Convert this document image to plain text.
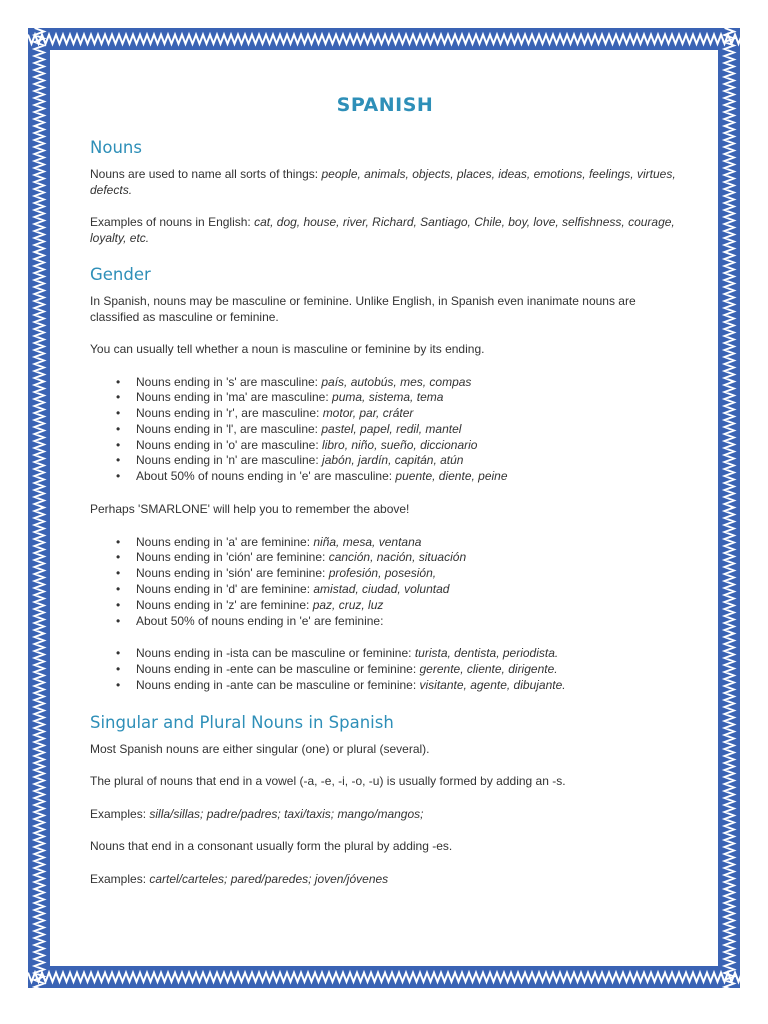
SPANISH
Nouns

Nouns are used to name all sorts of things: people, animals, objects, places, ideas, emotions, feelings, virtues, defects.

Examples of nouns in English: cat, dog, house, river, Richard, Santiago, Chile, boy, love, selfishness, courage, loyalty, etc.

Gender

In Spanish, nouns may be masculine or feminine. Unlike English, in Spanish even inanimate nouns are classified as masculine or feminine.

You can usually tell whether a noun is masculine or feminine by its ending.

• Nouns ending in 's' are masculine: país, autobús, mes, compas
• Nouns ending in 'ma' are masculine: puma, sistema, tema
• Nouns ending in 'r', are masculine: motor, par, cráter
• Nouns ending in 'l', are masculine: pastel, papel, redil, mantel
• Nouns ending in 'o' are masculine: libro, niño, sueño, diccionario
• Nouns ending in 'n' are masculine: jabón, jardín, capitán, atún
• About 50% of nouns ending in 'e' are masculine: puente, diente, peine

Perhaps 'SMARLONE' will help you to remember the above!

• Nouns ending in 'a' are feminine: niña, mesa, ventana
• Nouns ending in 'ción' are feminine: canción, nación, situación
• Nouns ending in 'sión' are feminine: profesión, posesión,
• Nouns ending in 'd' are feminine: amistad, ciudad, voluntad
• Nouns ending in 'z' are feminine: paz, cruz, luz
• About 50% of nouns ending in 'e' are feminine:
• Nouns ending in -ista can be masculine or feminine: turista, dentista, periodista.
• Nouns ending in -ente can be masculine or feminine: gerente, cliente, dirigente.
• Nouns ending in -ante can be masculine or feminine: visitante, agente, dibujante.
Singular and Plural Nouns in Spanish

Most Spanish nouns are either singular (one) or plural (several).

The plural of nouns that end in a vowel (-a, -e, -i, -o, -u) is usually formed by adding an -s.

Examples: silla/sillas; padre/padres; taxi/taxis; mango/mangos;

Nouns that end in a consonant usually form the plural by adding -es.

Examples: cartel/carteles; pared/paredes; joven/jóvenes
